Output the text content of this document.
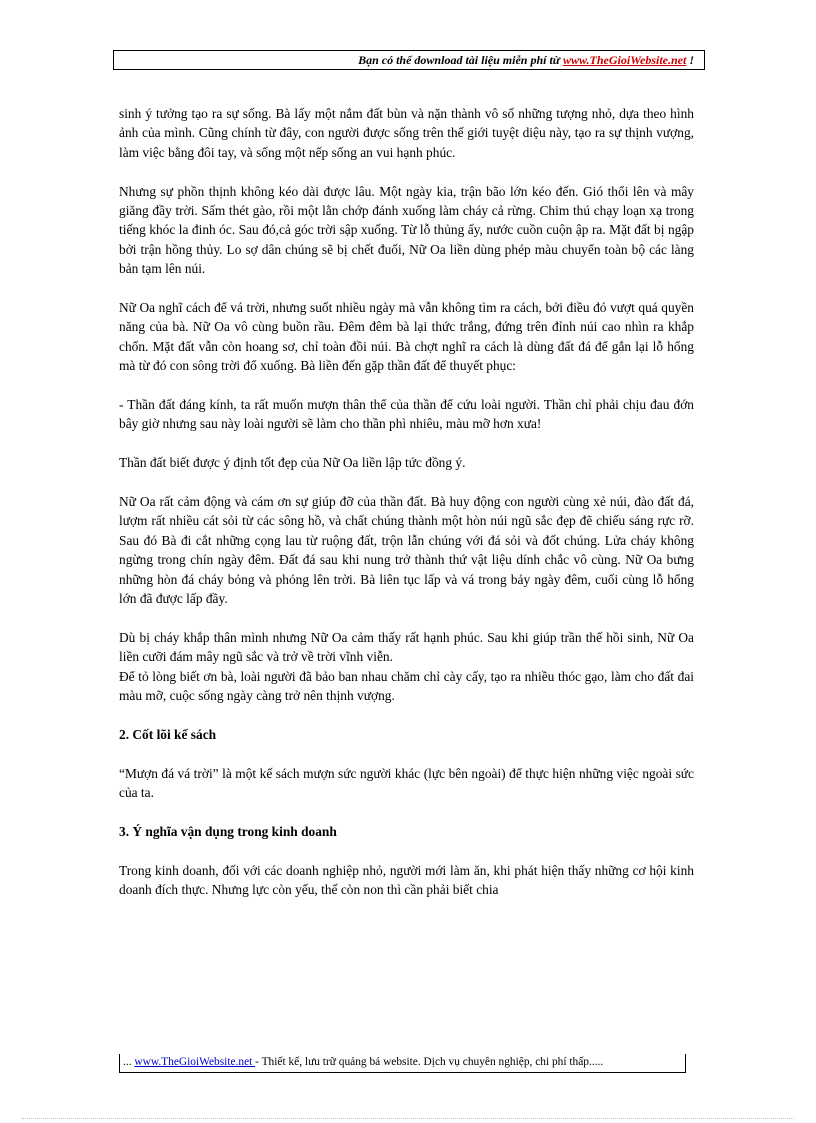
Bạn có thể download tài liệu miễn phí từ www.TheGioiWebsite.net !

sinh ý tưởng tạo ra sự sống. Bà lấy một nắm đất bùn và nặn thành vô số những tượng nhỏ, dựa theo hình ảnh của mình. Cũng chính từ đây, con người được sống trên thế giới tuyệt diệu này, tạo ra sự thịnh vượng, làm việc bằng đôi tay, và sống một nếp sống an vui hạnh phúc.

Nhưng sự phồn thịnh không kéo dài được lâu. Một ngày kia, trận bão lớn kéo đến. Gió thổi lên và mây giăng đầy trời. Sấm thét gào, rồi một lằn chớp đánh xuống làm cháy cả rừng. Chim thú chạy loạn xạ trong tiếng khóc la đinh óc. Sau đó,cả góc trời sập xuống. Từ lỗ thủng ấy, nước cuồn cuộn ập ra. Mặt đất bị ngập bởi trận hồng thủy. Lo sợ dân chúng sẽ bị chết đuối, Nữ Oa liền dùng phép màu chuyển toàn bộ các làng bản tạm lên núi.

Nữ Oa nghĩ cách để vá trời, nhưng suốt nhiều ngày mà vẫn không tìm ra cách, bởi điều đó vượt quá quyền năng của bà. Nữ Oa vô cùng buồn rầu. Đêm đêm bà lại thức trắng, đứng trên đỉnh núi cao nhìn ra khắp chốn. Mặt đất vẫn còn hoang sơ, chỉ toàn đồi núi. Bà chợt nghĩ ra cách là dùng đất đá để gắn lại lỗ hổng mà từ đó con sông trời đổ xuống. Bà liền đến gặp thần đất để thuyết phục:

- Thần đất đáng kính, ta rất muốn mượn thân thể của thần để cứu loài người. Thần chỉ phải chịu đau đớn bây giờ nhưng sau này loài người sẽ làm cho thần phì nhiêu, màu mỡ hơn xưa!

Thần đất biết được ý định tốt đẹp của Nữ Oa liền lập tức đồng ý.

Nữ Oa rất cảm động và cám ơn sự giúp đỡ của thần đất. Bà huy động con người cùng xẻ núi, đào đất đá, lượm rất nhiều cát sỏi từ các sông hồ, và chất chúng thành một hòn núi ngũ sắc đẹp đẽ chiếu sáng rực rỡ. Sau đó Bà đi cắt những cọng lau từ ruộng đất, trộn lẫn chúng với đá sỏi và đốt chúng. Lửa cháy không ngừng trong chín ngày đêm. Đất đá sau khi nung trở thành thứ vật liệu dính chắc vô cùng. Nữ Oa bưng những hòn đá cháy bỏng và phóng lên trời. Bà liên tục lấp và vá trong bảy ngày đêm, cuối cùng lỗ hổng lớn đã được lấp đầy.

Dù bị cháy khắp thân mình nhưng Nữ Oa cảm thấy rất hạnh phúc. Sau khi giúp trần thế hồi sinh, Nữ Oa liền cưỡi đám mây ngũ sắc và trở về trời vĩnh viễn.

Để tỏ lòng biết ơn bà, loài người đã bảo ban nhau chăm chỉ cày cấy, tạo ra nhiều thóc gạo, làm cho đất đai màu mỡ, cuộc sống ngày càng trở nên thịnh vượng.

2. Cốt lõi kế sách

“Mượn đá vá trời” là một kế sách mượn sức người khác (lực bên ngoài) để thực hiện những việc ngoài sức của ta.

3. Ý nghĩa vận dụng trong kinh doanh

Trong kinh doanh, đối với các doanh nghiệp nhỏ, người mới làm ăn, khi phát hiện thấy những cơ hội kinh doanh đích thực. Nhưng lực còn yếu, thế còn non thì cần phải biết chia

... www.TheGioiWebsite.net - Thiết kế, lưu trữ quảng bá website. Dịch vụ chuyên nghiệp, chi phí thấp.....
